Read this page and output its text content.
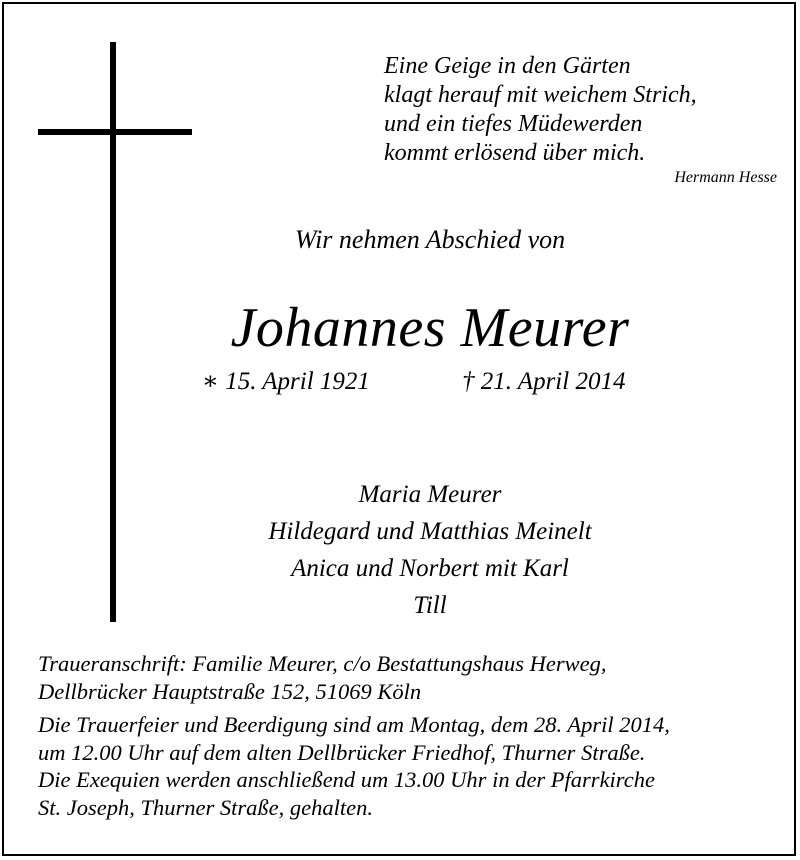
Eine Geige in den Gärten
klagt herauf mit weichem Strich,
und ein tiefes Müdewerden
kommt erlösend über mich.
Hermann Hesse
Wir nehmen Abschied von
Johannes Meurer
∗ 15. April 1921	† 21. April 2014
Maria Meurer
Hildegard und Matthias Meinelt
Anica und Norbert mit Karl
Till
Traueranschrift: Familie Meurer, c/o Bestattungshaus Herweg,
Dellbrücker Hauptstraße 152, 51069 Köln
Die Trauerfeier und Beerdigung sind am Montag, dem 28. April 2014,
um 12.00 Uhr auf dem alten Dellbrücker Friedhof, Thurner Straße.
Die Exequien werden anschließend um 13.00 Uhr in der Pfarrkirche
St. Joseph, Thurner Straße, gehalten.
